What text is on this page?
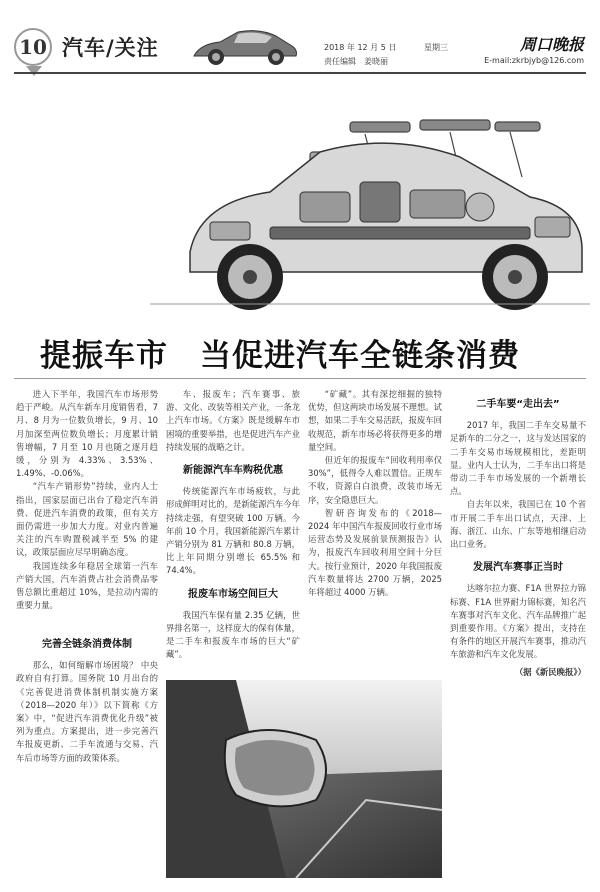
10 汽车/关注	周口晚报
2018 年 12 月 5 日	星期三
责任编辑　姜晓丽	E-mail:zkrbjyb@126.com
提振车市　当促进汽车全链条消费

进入下半年，我国汽车市场形势趋于严峻。从汽车新车月度销售看，7 月、8 月为一位数负增长，9 月、10 月加深至两位数负增长；月度累计销售增幅，7 月至 10 月也随之逐月趋缓，分别为 4.33%、3.53%、1.49%、-0.06%。

“汽车产销形势”持续，业内人士指出，国家层面已出台了稳定汽车消费、促进汽车消费的政策，但有关方面仍需进一步加大力度。对业内普遍关注的汽车购置税减半至 5% 的建议，政策层面应尽早明确态度。

我国连续多年稳居全球第一汽车产销大国，汽车消费占社会消费品零售总额比重超过 10%，是拉动内需的重要力量。

完善全链条消费体制

那么，如何缩解市场困境？ 中央政府自有打算。国务院 10 月出台的《完善促进消费体制机制实施方案（2018—2020 年）》以下简称《方案》中，“促进汽车消费优化升级”被列为重点。方案提出，进一步完善汽车报废更新、二手车流通与交易、汽车后市场等方面的政策体系。

车、报废车；汽车赛事、旅游、文化、改装等相关产业，一条龙上汽车市场。《方案》既是缓解车市困境的重要举措，也是促进汽车产业持续发展的战略之计。

新能源汽车车购税优惠

传统能源汽车市场疲软，与此形成鲜明对比的，是新能源汽车今年持续走强，有望突破 100 万辆。今年前 10 个月，我国新能源汽车累计产销分别为 81 万辆和 80.8 万辆，比上年同期分别增长 65.5% 和 74.4%。

报废车市场空间巨大

我国汽车保有量 2.35 亿辆，世界排名第一，这样庞大的保有体量，是二手车和报废车市场的巨大“矿藏”。

“矿藏”。其有深挖细掘的独特优势，但这两块市场发展不理想。试想，如果二手车交易活跃，报废车回收规范，新车市场必将获得更多的增量空间。

但近年的报废车“回收利用率仅 30%”，低得令人难以置信。正规车不收，资源白白浪费，改装市场无序，安全隐患巨大。

智研咨询发布的《2018—2024 年中国汽车报废回收行业市场运营态势及发展前景预测报告》认为，报废汽车回收利用空间十分巨大。按行业预计，2020 年我国报废汽车数量将达 2700 万辆，2025 年将超过 4000 万辆。

二手车要“走出去”

2017 年，我国二手车交易量不足新车的二分之一，这与发达国家的二手车交易市场规模相比，差距明显。业内人士认为，二手车出口将是带动二手车市场发展的一个新增长点。

自去年以来，我国已在 10 个省市开展二手车出口试点，天津、上海、浙江、山东、广东等地相继启动出口业务。

发展汽车赛事正当时

达喀尔拉力赛、F1A 世界拉力锦标赛、F1A 世界耐力锦标赛，知名汽车赛事对汽车文化、汽车品牌推广起到重要作用。《方案》提出，支持在有条件的地区开展汽车赛事，推动汽车旅游和汽车文化发展。

（据《新民晚报》）
